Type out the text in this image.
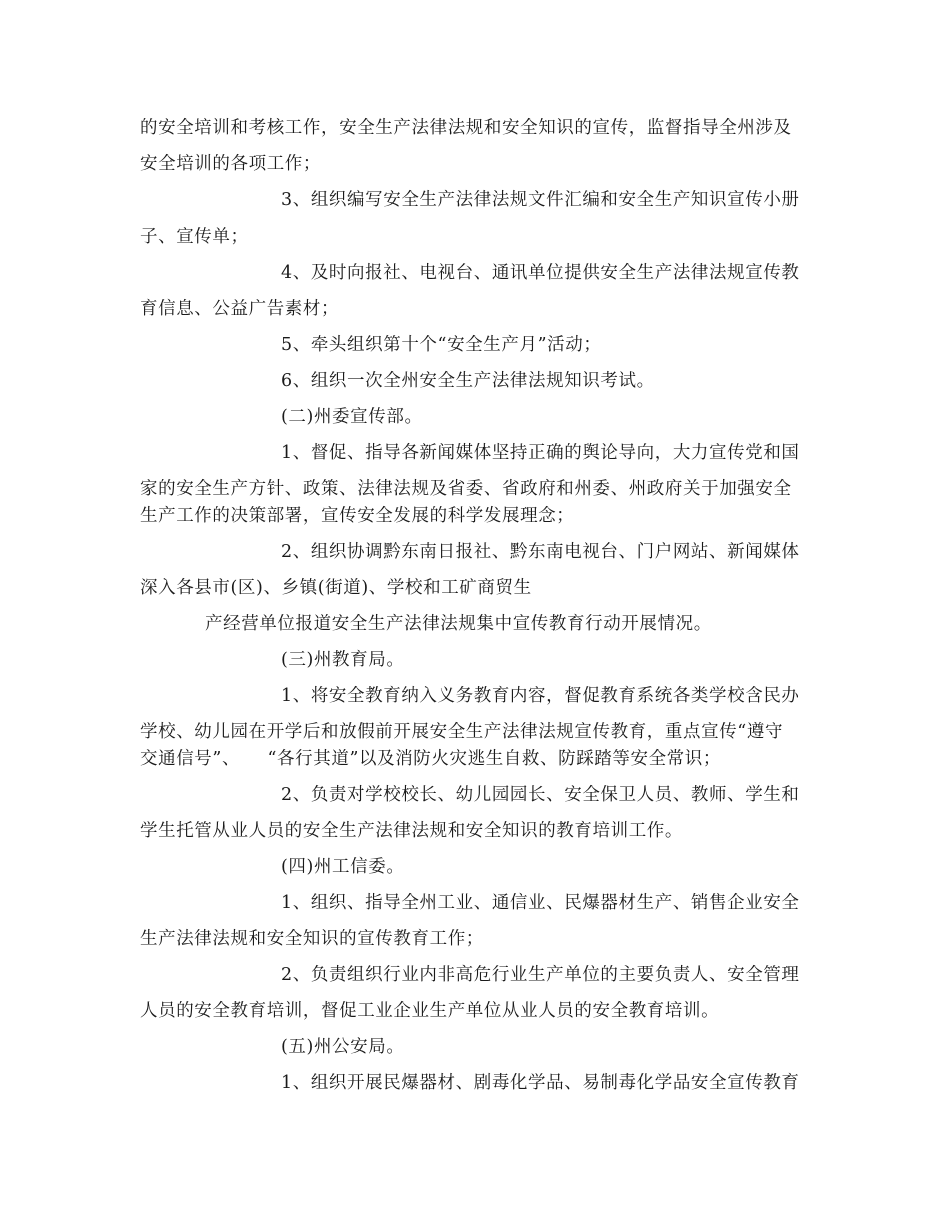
的安全培训和考核工作，安全生产法律法规和安全知识的宣传，监督指导全州涉及
安全培训的各项工作；
3、组织编写安全生产法律法规文件汇编和安全生产知识宣传小册
子、宣传单；
4、及时向报社、电视台、通讯单位提供安全生产法律法规宣传教
育信息、公益广告素材；
5、牵头组织第十个“安全生产月”活动；
6、组织一次全州安全生产法律法规知识考试。
(二)州委宣传部。
1、督促、指导各新闻媒体坚持正确的舆论导向，大力宣传党和国
家的安全生产方针、政策、法律法规及省委、省政府和州委、州政府关于加强安全
生产工作的决策部署，宣传安全发展的科学发展理念；
2、组织协调黔东南日报社、黔东南电视台、门户网站、新闻媒体
深入各县市(区)、乡镇(街道)、学校和工矿商贸生
产经营单位报道安全生产法律法规集中宣传教育行动开展情况。
(三)州教育局。
1、将安全教育纳入义务教育内容，督促教育系统各类学校含民办
学校、幼儿园在开学后和放假前开展安全生产法律法规宣传教育，重点宣传“遵守
交通信号”、　　“各行其道”以及消防火灾逃生自救、防踩踏等安全常识；
2、负责对学校校长、幼儿园园长、安全保卫人员、教师、学生和
学生托管从业人员的安全生产法律法规和安全知识的教育培训工作。
(四)州工信委。
1、组织、指导全州工业、通信业、民爆器材生产、销售企业安全
生产法律法规和安全知识的宣传教育工作；
2、负责组织行业内非高危行业生产单位的主要负责人、安全管理
人员的安全教育培训，督促工业企业生产单位从业人员的安全教育培训。
(五)州公安局。
1、组织开展民爆器材、剧毒化学品、易制毒化学品安全宣传教育
